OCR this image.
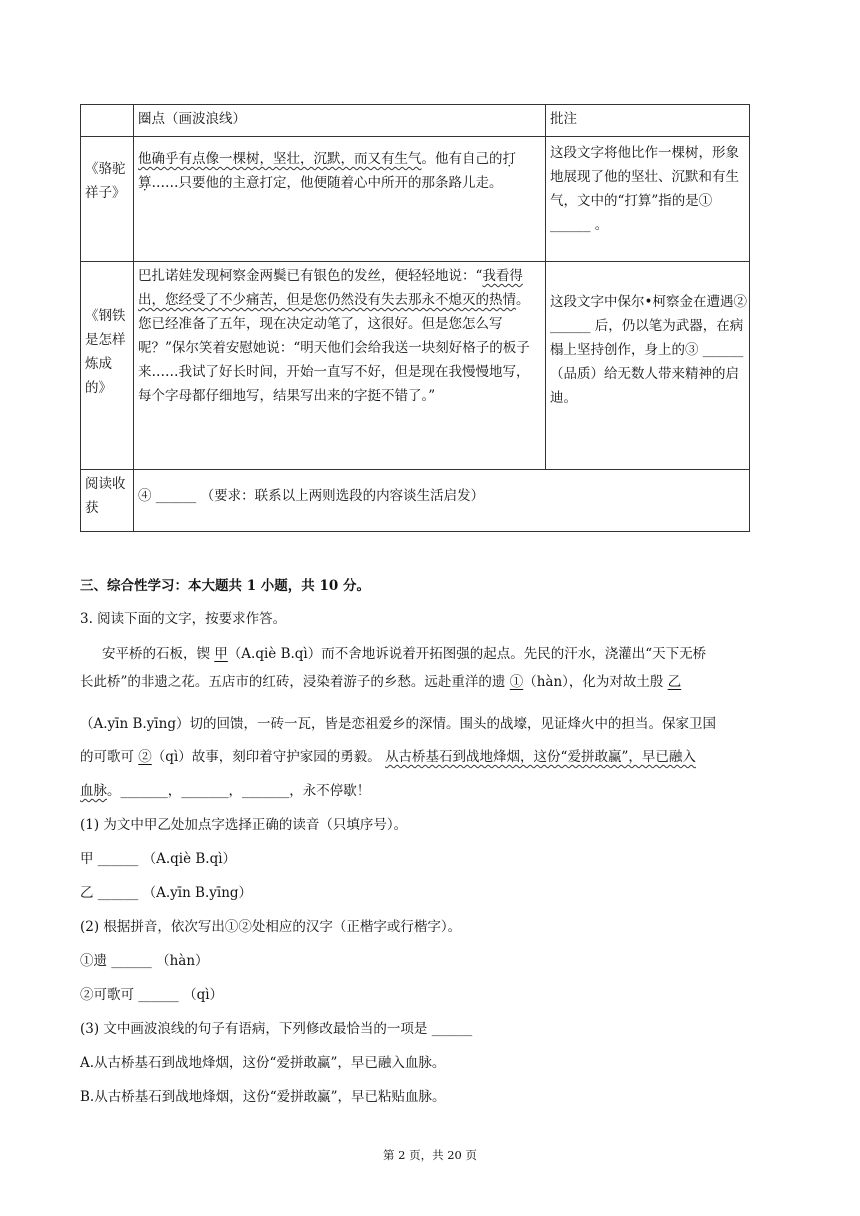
	圈点（画波浪线）	批注
《骆驼祥子》	他确乎有点像一棵树，坚壮，沉默，而又有生气。他有自己的打算……只要他的主意打定，他便随着心中所开的那条路儿走。	这段文字将他比作一棵树，形象地展现了他的坚壮、沉默和有生气，文中的“打算”指的是① ______ 。
《钢铁是怎样炼成的》	巴扎诺娃发现柯察金两鬓已有银色的发丝，便轻轻地说：“我看得出，您经受了不少痛苦，但是您仍然没有失去那永不熄灭的热情。您已经准备了五年，现在决定动笔了，这很好。但是您怎么写呢？”保尔笑着安慰她说：“明天他们会给我送一块刻好格子的板子来……我试了好长时间，开始一直写不好，但是现在我慢慢地写，每个字母都仔细地写，结果写出来的字挺不错了。”	这段文字中保尔•柯察金在遭遇② ______ 后，仍以笔为武器，在病榻上坚持创作，身上的③ ______ （品质）给无数人带来精神的启迪。
阅读收获	④ ______ （要求：联系以上两则选段的内容谈生活启发）	
三、综合性学习：本大题共 1 小题，共 10 分。
3. 阅读下面的文字，按要求作答。
安平桥的石板，锲 甲（A.qiè B.qì）而不舍地诉说着开拓图强的起点。先民的汗水，浇灌出“天下无桥
长此桥”的非遗之花。五店市的红砖，浸染着游子的乡愁。远赴重洋的遗 ①（hàn），化为对故土殷 乙
（A.yīn B.yīng）切的回馈，一砖一瓦，皆是恋祖爱乡的深情。围头的战壕，见证烽火中的担当。保家卫国
的可歌可 ②（qì）故事，刻印着守护家园的勇毅。 从古桥基石到战地烽烟，这份“爱拼敢赢”，早已融入
血脉。_______，_______，_______，永不停歇！
(1) 为文中甲乙处加点字选择正确的读音（只填序号）。
甲 ______ （A.qiè B.qì）
乙 ______ （A.yīn B.yīng）
(2) 根据拼音，依次写出①②处相应的汉字（正楷字或行楷字）。
①遗 ______ （hàn）
②可歌可 ______ （qì）
(3) 文中画波浪线的句子有语病，下列修改最恰当的一项是 ______
A.从古桥基石到战地烽烟，这份“爱拼敢赢”，早已融入血脉。
B.从古桥基石到战地烽烟，这份“爱拼敢赢”，早已粘贴血脉。
第 2 页，共 20 页
